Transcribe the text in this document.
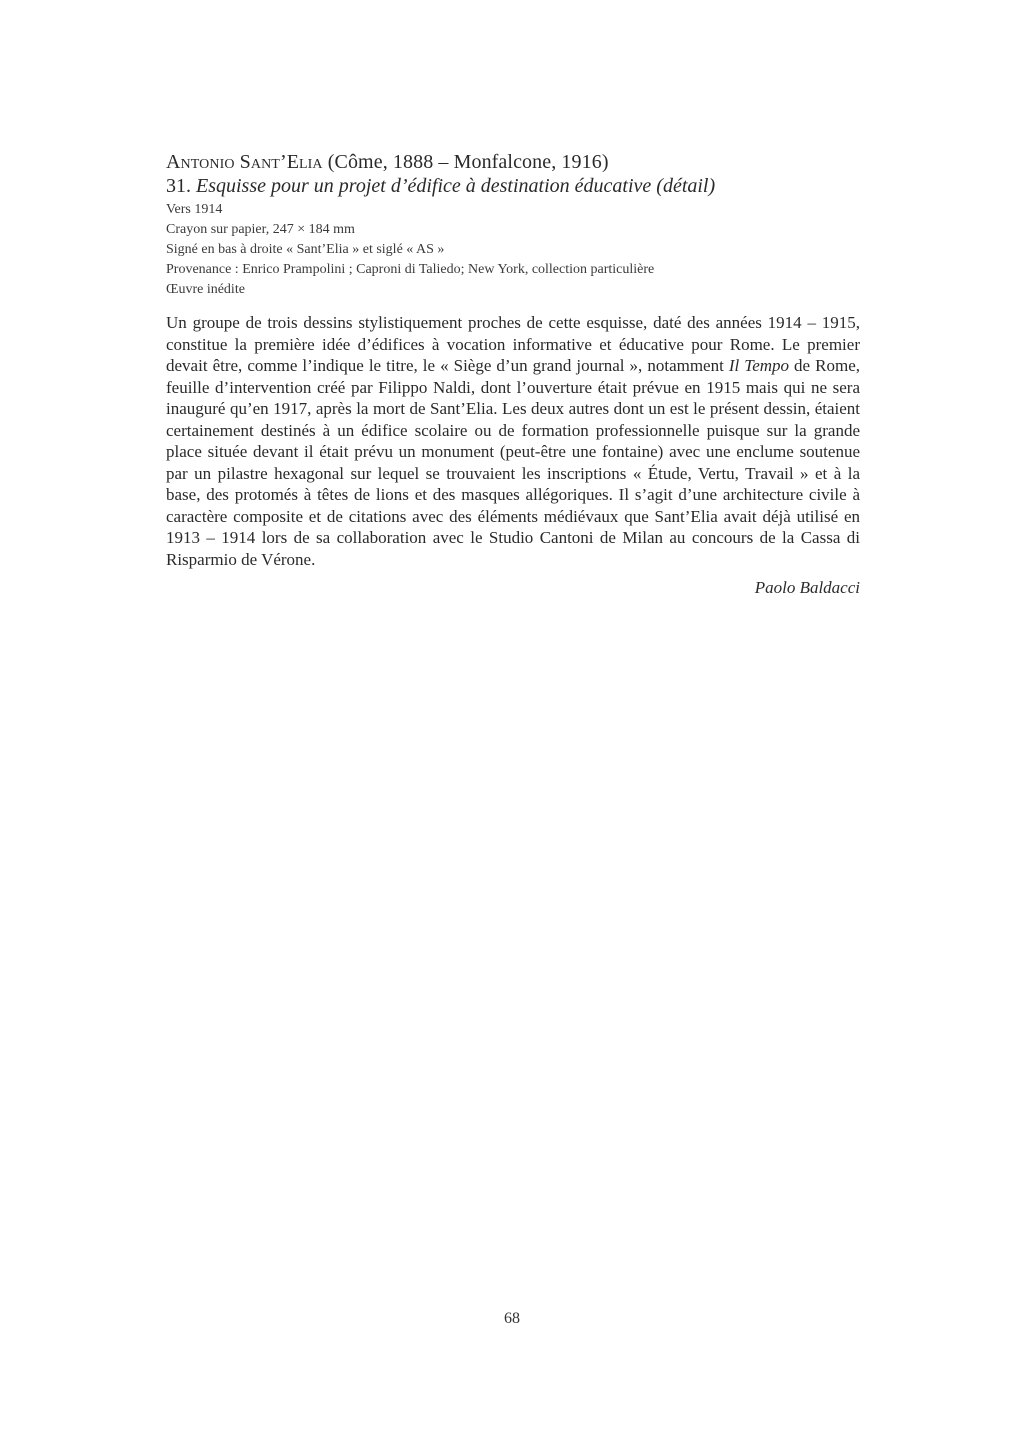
Antonio Sant’Elia (Côme, 1888 – Monfalcone, 1916)
31. Esquisse pour un projet d’édifice à destination éducative (détail)
Vers 1914
Crayon sur papier, 247 × 184 mm
Signé en bas à droite « Sant’Elia » et siglé « AS »
Provenance : Enrico Prampolini ; Caproni di Taliedo; New York, collection particulière
Œuvre inédite

Un groupe de trois dessins stylistiquement proches de cette esquisse, daté des années 1914 – 1915, constitue la première idée d’édifices à vocation informative et éducative pour Rome. Le premier devait être, comme l’indique le titre, le « Siège d’un grand journal », notamment Il Tempo de Rome, feuille d’intervention créé par Filippo Naldi, dont l’ouverture était prévue en 1915 mais qui ne sera inauguré qu’en 1917, après la mort de Sant’Elia. Les deux autres dont un est le présent dessin, étaient certainement destinés à un édifice scolaire ou de formation professionnelle puisque sur la grande place située devant il était prévu un monument (peut-être une fontaine) avec une enclume soutenue par un pilastre hexagonal sur lequel se trouvaient les inscriptions « Étude, Vertu, Travail » et à la base, des protomés à têtes de lions et des masques allégoriques. Il s’agit d’une architecture civile à caractère composite et de citations avec des éléments médiévaux que Sant’Elia avait déjà utilisé en 1913 – 1914 lors de sa collaboration avec le Studio Cantoni de Milan au concours de la Cassa di Risparmio de Vérone.

Paolo Baldacci

68
